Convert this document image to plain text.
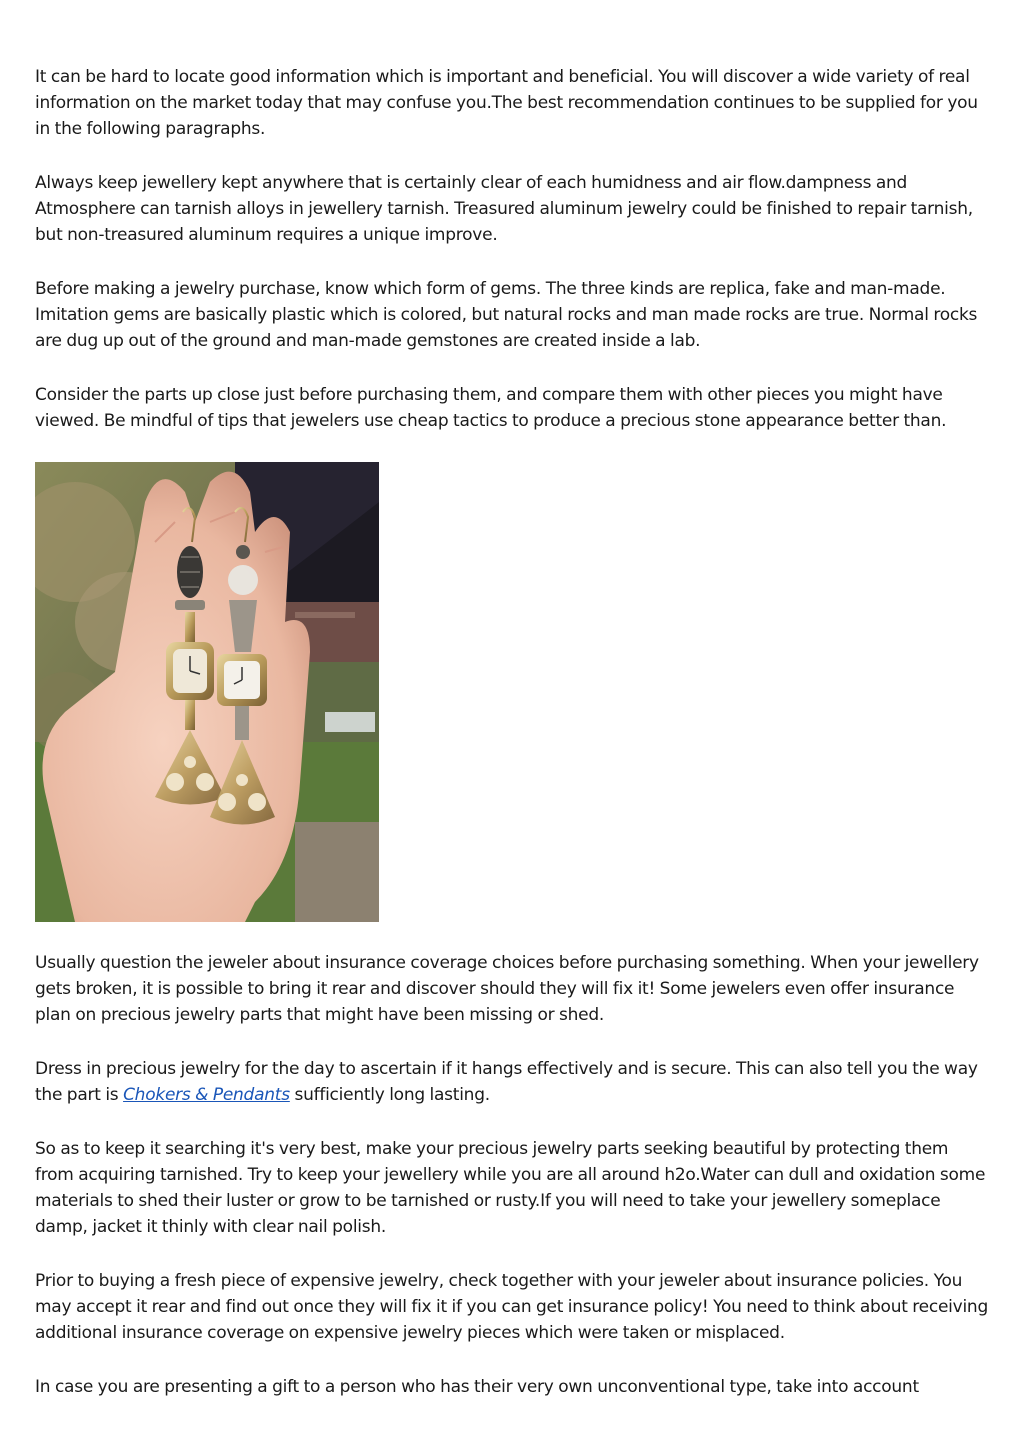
It can be hard to locate good information which is important and beneficial. You will discover a wide variety of real information on the market today that may confuse you.The best recommendation continues to be supplied for you in the following paragraphs.

Always keep jewellery kept anywhere that is certainly clear of each humidness and air flow.dampness and Atmosphere can tarnish alloys in jewellery tarnish. Treasured aluminum jewelry could be finished to repair tarnish, but non-treasured aluminum requires a unique improve.

Before making a jewelry purchase, know which form of gems. The three kinds are replica, fake and man-made. Imitation gems are basically plastic which is colored, but natural rocks and man made rocks are true. Normal rocks are dug up out of the ground and man-made gemstones are created inside a lab.

Consider the parts up close just before purchasing them, and compare them with other pieces you might have viewed. Be mindful of tips that jewelers use cheap tactics to produce a precious stone appearance better than.

Usually question the jeweler about insurance coverage choices before purchasing something. When your jewellery gets broken, it is possible to bring it rear and discover should they will fix it! Some jewelers even offer insurance plan on precious jewelry parts that might have been missing or shed.

Dress in precious jewelry for the day to ascertain if it hangs effectively and is secure. This can also tell you the way the part is Chokers & Pendants sufficiently long lasting.

So as to keep it searching it's very best, make your precious jewelry parts seeking beautiful by protecting them from acquiring tarnished. Try to keep your jewellery while you are all around h2o.Water can dull and oxidation some materials to shed their luster or grow to be tarnished or rusty.If you will need to take your jewellery someplace damp, jacket it thinly with clear nail polish.

Prior to buying a fresh piece of expensive jewelry, check together with your jeweler about insurance policies. You may accept it rear and find out once they will fix it if you can get insurance policy! You need to think about receiving additional insurance coverage on expensive jewelry pieces which were taken or misplaced.

In case you are presenting a gift to a person who has their very own unconventional type, take into account
